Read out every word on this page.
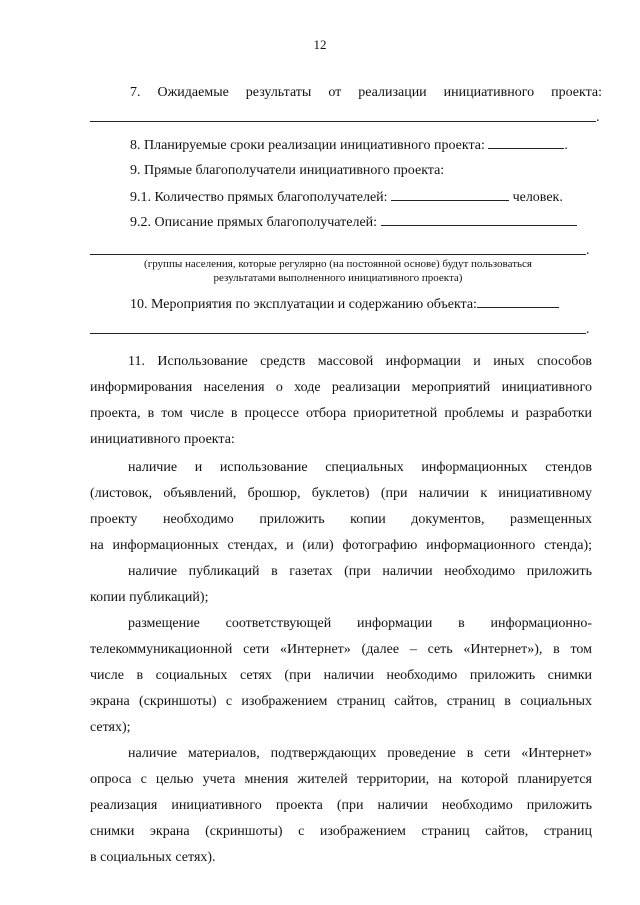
12
7. Ожидаемые результаты от реализации инициативного проекта:
.
8. Планируемые сроки реализации инициативного проекта:	.
9. Прямые благополучатели инициативного проекта:
9.1. Количество прямых благополучателей:	человек.
9.2. Описание прямых благополучателей:
.
(группы населения, которые регулярно (на постоянной основе) будут пользоваться
результатами выполненного инициативного проекта)
10. Мероприятия по эксплуатации и содержанию объекта:
.
11. Использование средств массовой информации и иных способов
информирования населения о ходе реализации мероприятий инициативного
проекта, в том числе в процессе отбора приоритетной проблемы и разработки
инициативного проекта:
наличие и использование специальных информационных стендов
(листовок, объявлений, брошюр, буклетов) (при наличии к инициативному
проекту необходимо приложить копии документов, размещенных
на информационных стендах, и (или) фотографию информационного стенда);
наличие публикаций в газетах (при наличии необходимо приложить
копии публикаций);
размещение соответствующей информации в информационно-
телекоммуникационной сети «Интернет» (далее – сеть «Интернет»), в том
числе в социальных сетях (при наличии необходимо приложить снимки
экрана (скриншоты) с изображением страниц сайтов, страниц в социальных
сетях);
наличие материалов, подтверждающих проведение в сети «Интернет»
опроса с целью учета мнения жителей территории, на которой планируется
реализация инициативного проекта (при наличии необходимо приложить
снимки экрана (скриншоты) с изображением страниц сайтов, страниц
в социальных сетях).
